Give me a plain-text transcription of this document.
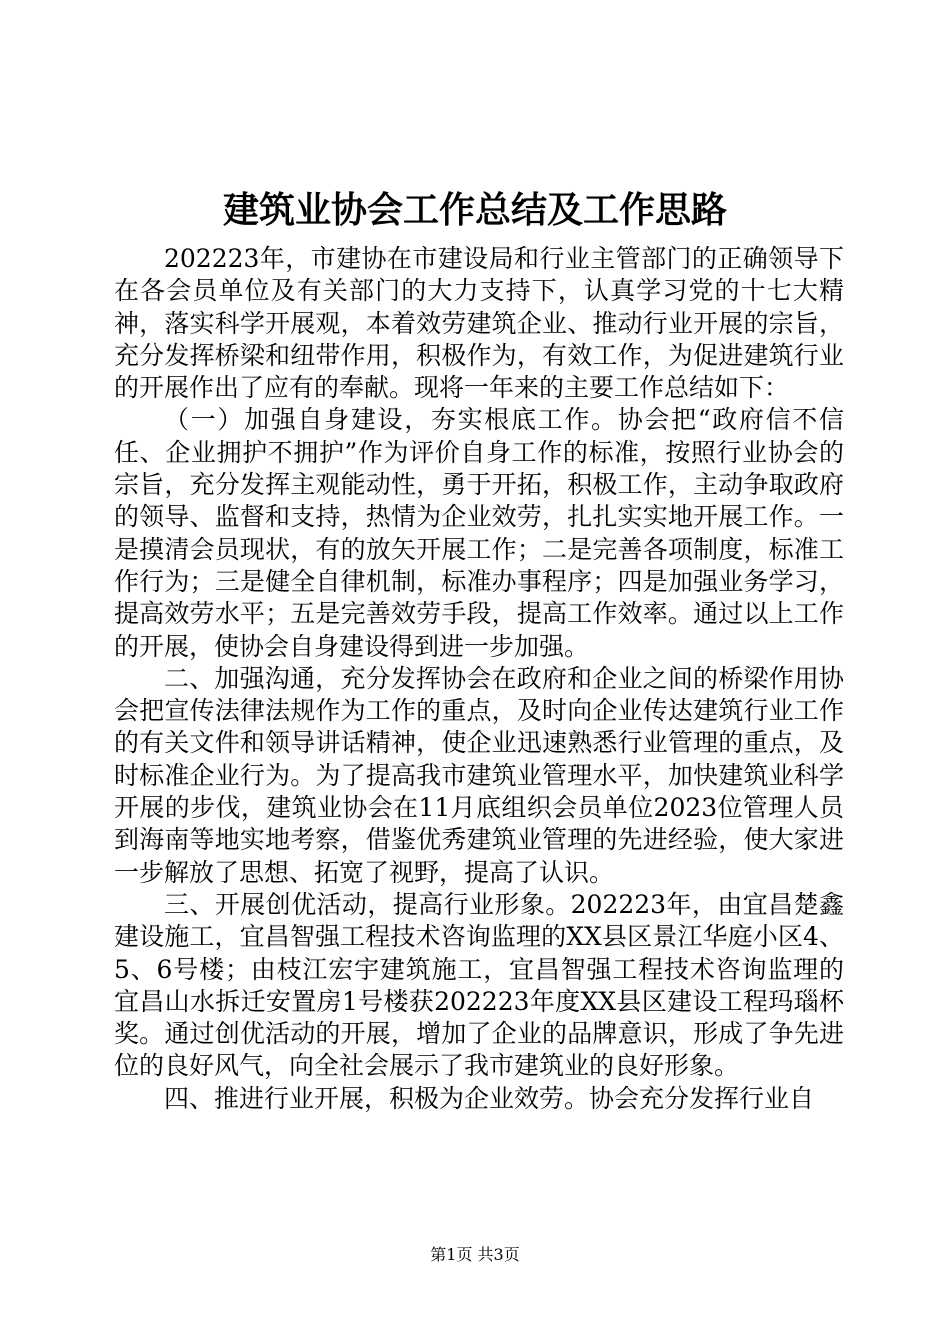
建筑业协会工作总结及工作思路

202223年，市建协在市建设局和行业主管部门的正确领导下在各会员单位及有关部门的大力支持下，认真学习党的十七大精神，落实科学开展观，本着效劳建筑企业、推动行业开展的宗旨，充分发挥桥梁和纽带作用，积极作为，有效工作，为促进建筑行业的开展作出了应有的奉献。现将一年来的主要工作总结如下：

（一）加强自身建设，夯实根底工作。协会把“政府信不信任、企业拥护不拥护”作为评价自身工作的标准，按照行业协会的宗旨，充分发挥主观能动性，勇于开拓，积极工作，主动争取政府的领导、监督和支持，热情为企业效劳，扎扎实实地开展工作。一是摸清会员现状，有的放矢开展工作；二是完善各项制度，标准工作行为；三是健全自律机制，标准办事程序；四是加强业务学习，提高效劳水平；五是完善效劳手段，提高工作效率。通过以上工作的开展，使协会自身建设得到进一步加强。

二、加强沟通，充分发挥协会在政府和企业之间的桥梁作用协会把宣传法律法规作为工作的重点，及时向企业传达建筑行业工作的有关文件和领导讲话精神，使企业迅速熟悉行业管理的重点，及时标准企业行为。为了提高我市建筑业管理水平，加快建筑业科学开展的步伐，建筑业协会在11月底组织会员单位2023位管理人员到海南等地实地考察，借鉴优秀建筑业管理的先进经验，使大家进一步解放了思想、拓宽了视野，提高了认识。

三、开展创优活动，提高行业形象。202223年，由宜昌楚鑫建设施工，宜昌智强工程技术咨询监理的XX县区景江华庭小区4、5、6号楼；由枝江宏宇建筑施工，宜昌智强工程技术咨询监理的宜昌山水拆迁安置房1号楼获202223年度XX县区建设工程玛瑙杯奖。通过创优活动的开展，增加了企业的品牌意识，形成了争先进位的良好风气，向全社会展示了我市建筑业的良好形象。

四、推进行业开展，积极为企业效劳。协会充分发挥行业自

第1页 共3页
